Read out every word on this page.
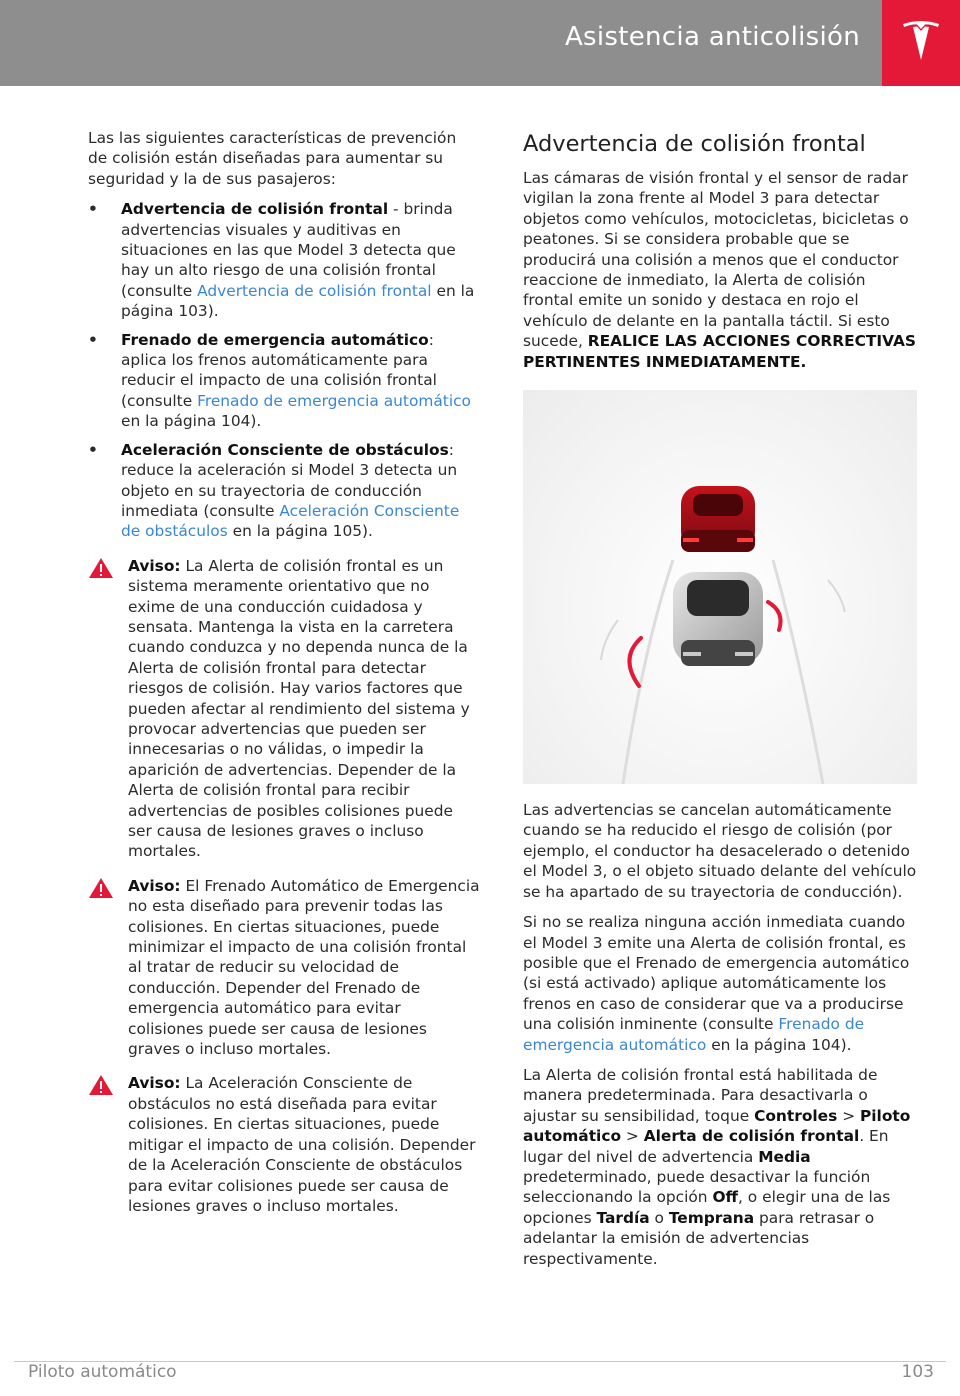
Asistencia anticolisión

Las las siguientes características de prevención de colisión están diseñadas para aumentar su seguridad y la de sus pasajeros:

• Advertencia de colisión frontal - brinda advertencias visuales y auditivas en situaciones en las que Model 3 detecta que hay un alto riesgo de una colisión frontal (consulte Advertencia de colisión frontal en la página 103).
• Frenado de emergencia automático: aplica los frenos automáticamente para reducir el impacto de una colisión frontal (consulte Frenado de emergencia automático en la página 104).
• Aceleración Consciente de obstáculos: reduce la aceleración si Model 3 detecta un objeto en su trayectoria de conducción inmediata (consulte Aceleración Consciente de obstáculos en la página 105).
Aviso: La Alerta de colisión frontal es un sistema meramente orientativo que no exime de una conducción cuidadosa y sensata. Mantenga la vista en la carretera cuando conduzca y no dependa nunca de la Alerta de colisión frontal para detectar riesgos de colisión. Hay varios factores que pueden afectar al rendimiento del sistema y provocar advertencias que pueden ser innecesarias o no válidas, o impedir la aparición de advertencias. Depender de la Alerta de colisión frontal para recibir advertencias de posibles colisiones puede ser causa de lesiones graves o incluso mortales.
Aviso: El Frenado Automático de Emergencia no esta diseñado para prevenir todas las colisiones. En ciertas situaciones, puede minimizar el impacto de una colisión frontal al tratar de reducir su velocidad de conducción. Depender del Frenado de emergencia automático para evitar colisiones puede ser causa de lesiones graves o incluso mortales.
Aviso: La Aceleración Consciente de obstáculos no está diseñada para evitar colisiones. En ciertas situaciones, puede mitigar el impacto de una colisión. Depender de la Aceleración Consciente de obstáculos para evitar colisiones puede ser causa de lesiones graves o incluso mortales.
Advertencia de colisión frontal

Las cámaras de visión frontal y el sensor de radar vigilan la zona frente al Model 3 para detectar objetos como vehículos, motocicletas, bicicletas o peatones. Si se considera probable que se producirá una colisión a menos que el conductor reaccione de inmediato, la Alerta de colisión frontal emite un sonido y destaca en rojo el vehículo de delante en la pantalla táctil. Si esto sucede, REALICE LAS ACCIONES CORRECTIVAS PERTINENTES INMEDIATAMENTE.

Las advertencias se cancelan automáticamente cuando se ha reducido el riesgo de colisión (por ejemplo, el conductor ha desacelerado o detenido el Model 3, o el objeto situado delante del vehículo se ha apartado de su trayectoria de conducción).

Si no se realiza ninguna acción inmediata cuando el Model 3 emite una Alerta de colisión frontal, es posible que el Frenado de emergencia automático (si está activado) aplique automáticamente los frenos en caso de considerar que va a producirse una colisión inminente (consulte Frenado de emergencia automático en la página 104).

La Alerta de colisión frontal está habilitada de manera predeterminada. Para desactivarla o ajustar su sensibilidad, toque Controles > Piloto automático > Alerta de colisión frontal. En lugar del nivel de advertencia Media predeterminado, puede desactivar la función seleccionando la opción Off, o elegir una de las opciones Tardía o Temprana para retrasar o adelantar la emisión de advertencias respectivamente.

Piloto automático	103
